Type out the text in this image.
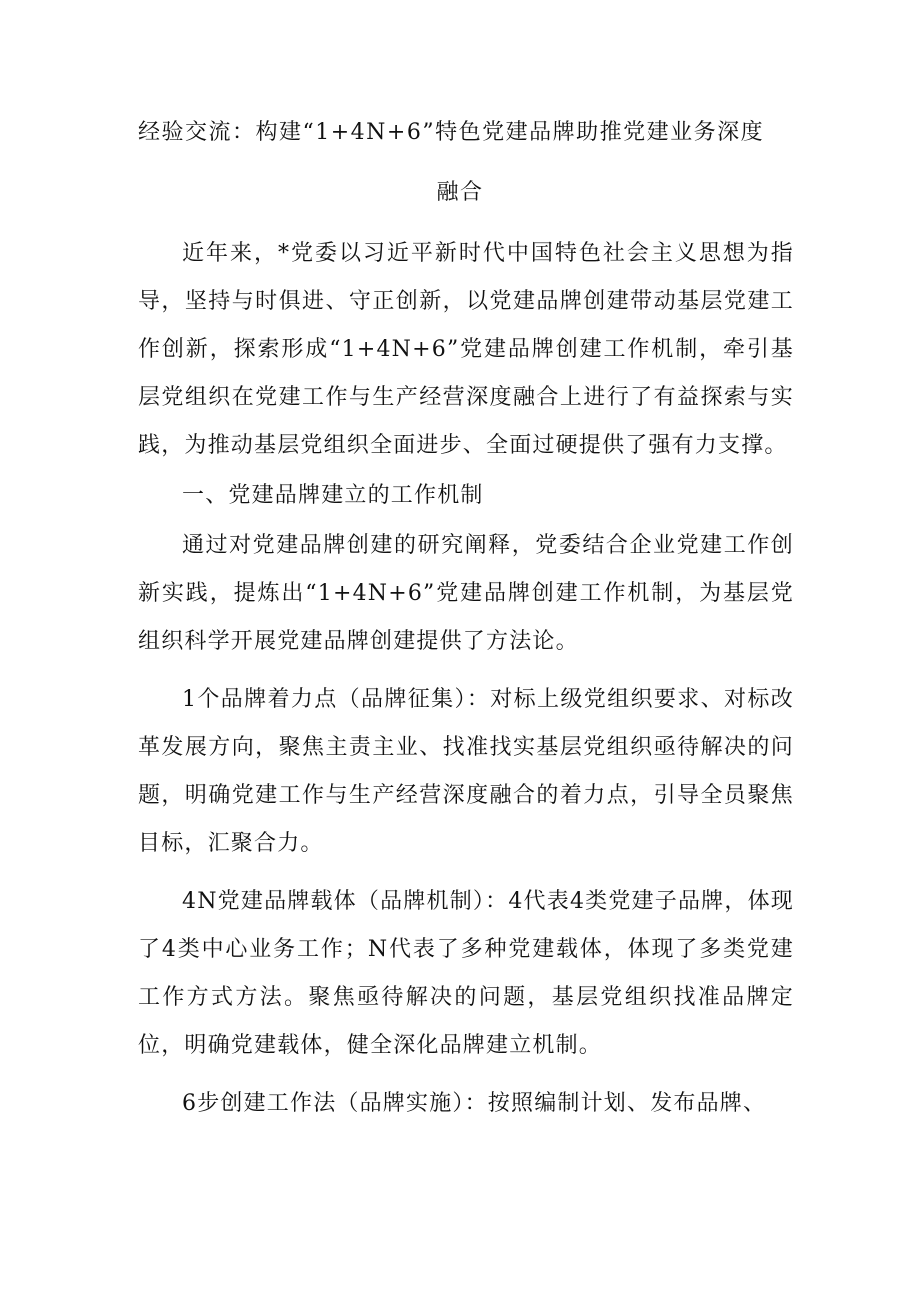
经验交流：构建“1+4N+6”特色党建品牌助推党建业务深度
融合

近年来，*党委以习近平新时代中国特色社会主义思想为指导，坚持与时俱进、守正创新，以党建品牌创建带动基层党建工作创新，探索形成“1+4N+6”党建品牌创建工作机制，牵引基层党组织在党建工作与生产经营深度融合上进行了有益探索与实践，为推动基层党组织全面进步、全面过硬提供了强有力支撑。

一、党建品牌建立的工作机制

通过对党建品牌创建的研究阐释，党委结合企业党建工作创新实践，提炼出“1+4N+6”党建品牌创建工作机制，为基层党组织科学开展党建品牌创建提供了方法论。

1个品牌着力点（品牌征集）：对标上级党组织要求、对标改革发展方向，聚焦主责主业、找准找实基层党组织亟待解决的问题，明确党建工作与生产经营深度融合的着力点，引导全员聚焦目标，汇聚合力。

4N党建品牌载体（品牌机制）：4代表4类党建子品牌，体现了4类中心业务工作；N代表了多种党建载体，体现了多类党建工作方式方法。聚焦亟待解决的问题，基层党组织找准品牌定位，明确党建载体，健全深化品牌建立机制。

6步创建工作法（品牌实施）：按照编制计划、发布品牌、
